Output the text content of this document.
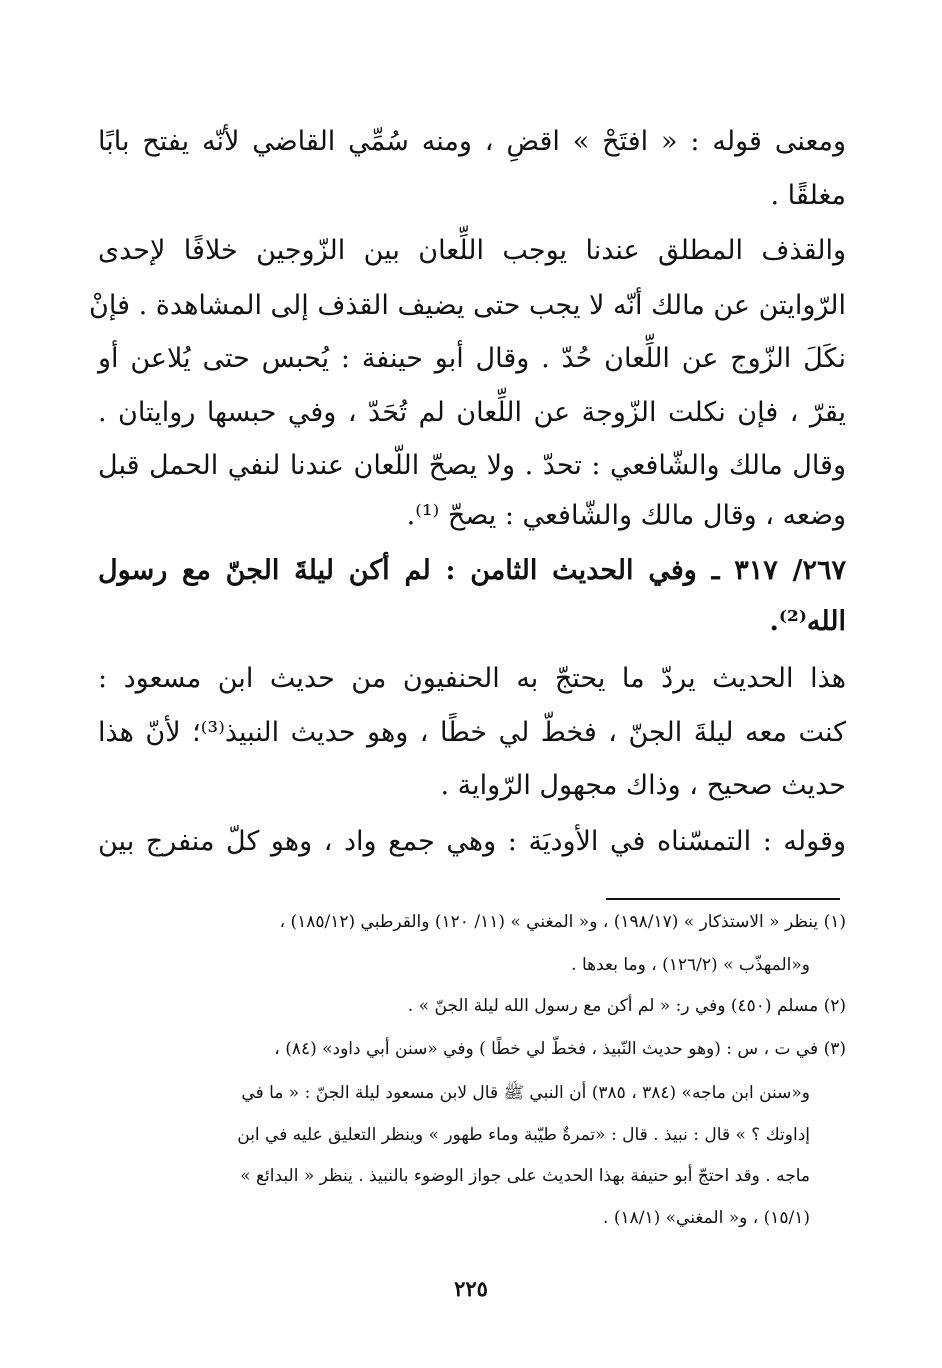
ومعنى قوله : « افتَحْ » اقضِ ، ومنه سُمِّي القاضي لأنّه يفتح بابًا
مغلقًا .
والقذف المطلق عندنا يوجب اللِّعان بين الزّوجين خلافًا لإحدى
الرّوايتن عن مالك أنّه لا يجب حتى يضيف القذف إلى المشاهدة . فإنْ
نكَلَ الزّوج عن اللِّعان حُدّ . وقال أبو حينفة : يُحبس حتى يُلاعن أو
يقرّ ، فإن نكلت الزّوجة عن اللِّعان لم تُحَدّ ، وفي حبسها روايتان .
وقال مالك والشّافعي : تحدّ . ولا يصحّ اللّعان عندنا لنفي الحمل قبل
وضعه ، وقال مالك والشّافعي : يصحّ ⁽¹⁾.
٢٦٧/ ٣١٧ ـ وفي الحديث الثامن : لم أكن ليلةَ الجنّ مع رسول
الله⁽²⁾.
هذا الحديث يردّ ما يحتجّ به الحنفيون من حديث ابن مسعود :
كنت معه ليلةَ الجنّ ، فخطّ لي خطًا ، وهو حديث النبيذ⁽³⁾؛ لأنّ هذا
حديث صحيح ، وذاك مجهول الرّواية .
وقوله : التمسّناه في الأوديَة : وهي جمع واد ، وهو كلّ منفرج بين
(١) ينظر « الاستذكار » (١٩٨/١٧) ، و« المغني » (١١/ ١٢٠) والقرطبي (١٨٥/١٢) ،
و«المهذّب » (١٢٦/٢) ، وما بعدها .
(٢) مسلم (٤٥٠) وفي ر: « لم أكن مع رسول الله ليلة الجنّ » .
(٣) في ت ، س : (وهو حديث النّبيذ ، فخطّ لي خطًا ) وفي «سنن أبي داود» (٨٤) ،
و«سنن ابن ماجه» (٣٨٤ ، ٣٨٥) أن النبي ﷺ قال لابن مسعود ليلة الجنّ : « ما في
إداوتك ؟ » قال : نبيذ . قال : «تمرةٌ طيّبة وماء طهور » وينظر التعليق عليه في ابن
ماجه . وقد احتجّ أبو حنيفة بهذا الحديث على جواز الوضوء بالنبيذ . ينظر « البدائع »
(١٥/١) ، و« المغني» (١٨/١) .
٢٢٥
